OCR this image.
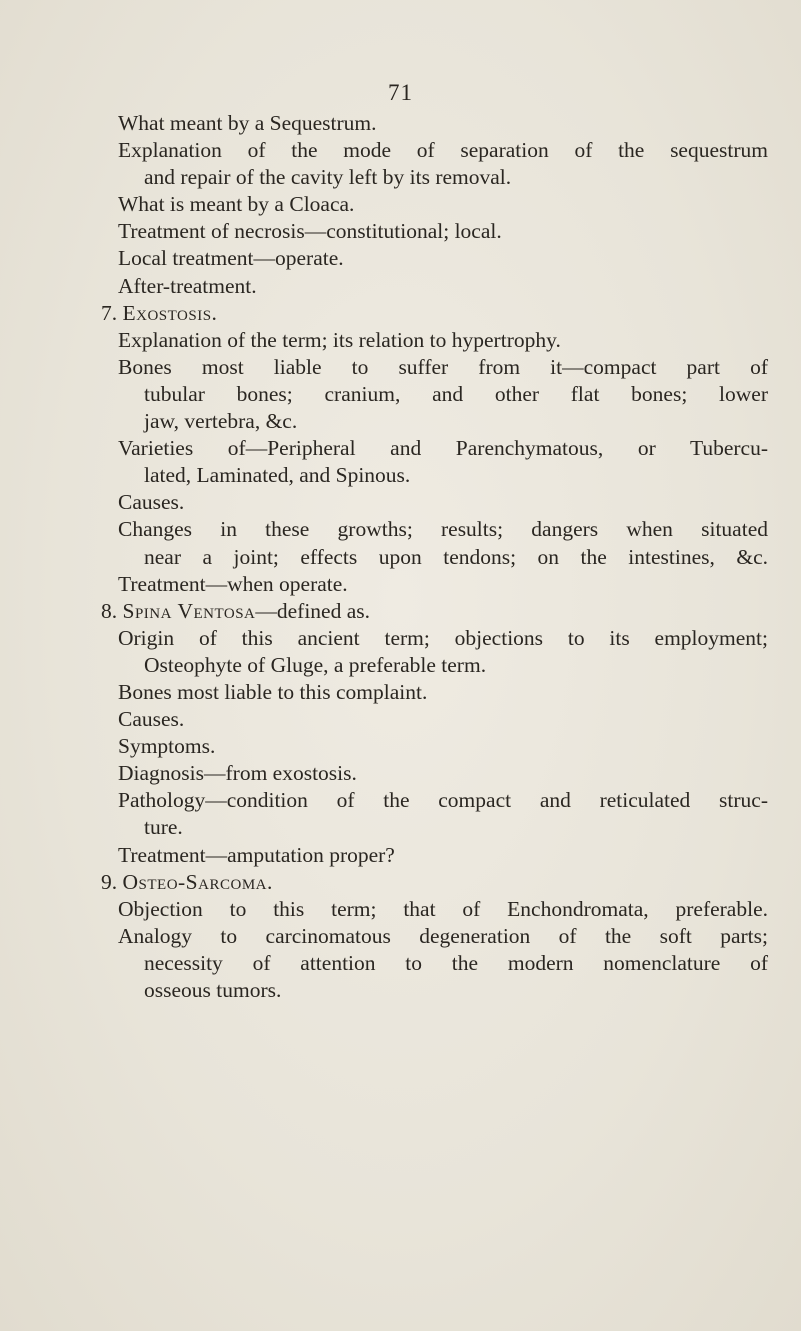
71
What meant by a Sequestrum.
Explanation of the mode of separation of the sequestrum
and repair of the cavity left by its removal.
What is meant by a Cloaca.
Treatment of necrosis—constitutional; local.
Local treatment—operate.
After-treatment.
7. Exostosis.
Explanation of the term; its relation to hypertrophy.
Bones most liable to suffer from it—compact part of
tubular bones; cranium, and other flat bones; lower
jaw, vertebra, &c.
Varieties of—Peripheral and Parenchymatous, or Tubercu-
lated, Laminated, and Spinous.
Causes.
Changes in these growths; results; dangers when situated
near a joint; effects upon tendons; on the intestines, &c.
Treatment—when operate.
8. Spina Ventosa—defined as.
Origin of this ancient term; objections to its employment;
Osteophyte of Gluge, a preferable term.
Bones most liable to this complaint.
Causes.
Symptoms.
Diagnosis—from exostosis.
Pathology—condition of the compact and reticulated struc-
ture.
Treatment—amputation proper?
9. Osteo-Sarcoma.
Objection to this term; that of Enchondromata, preferable.
Analogy to carcinomatous degeneration of the soft parts;
necessity of attention to the modern nomenclature of
osseous tumors.
